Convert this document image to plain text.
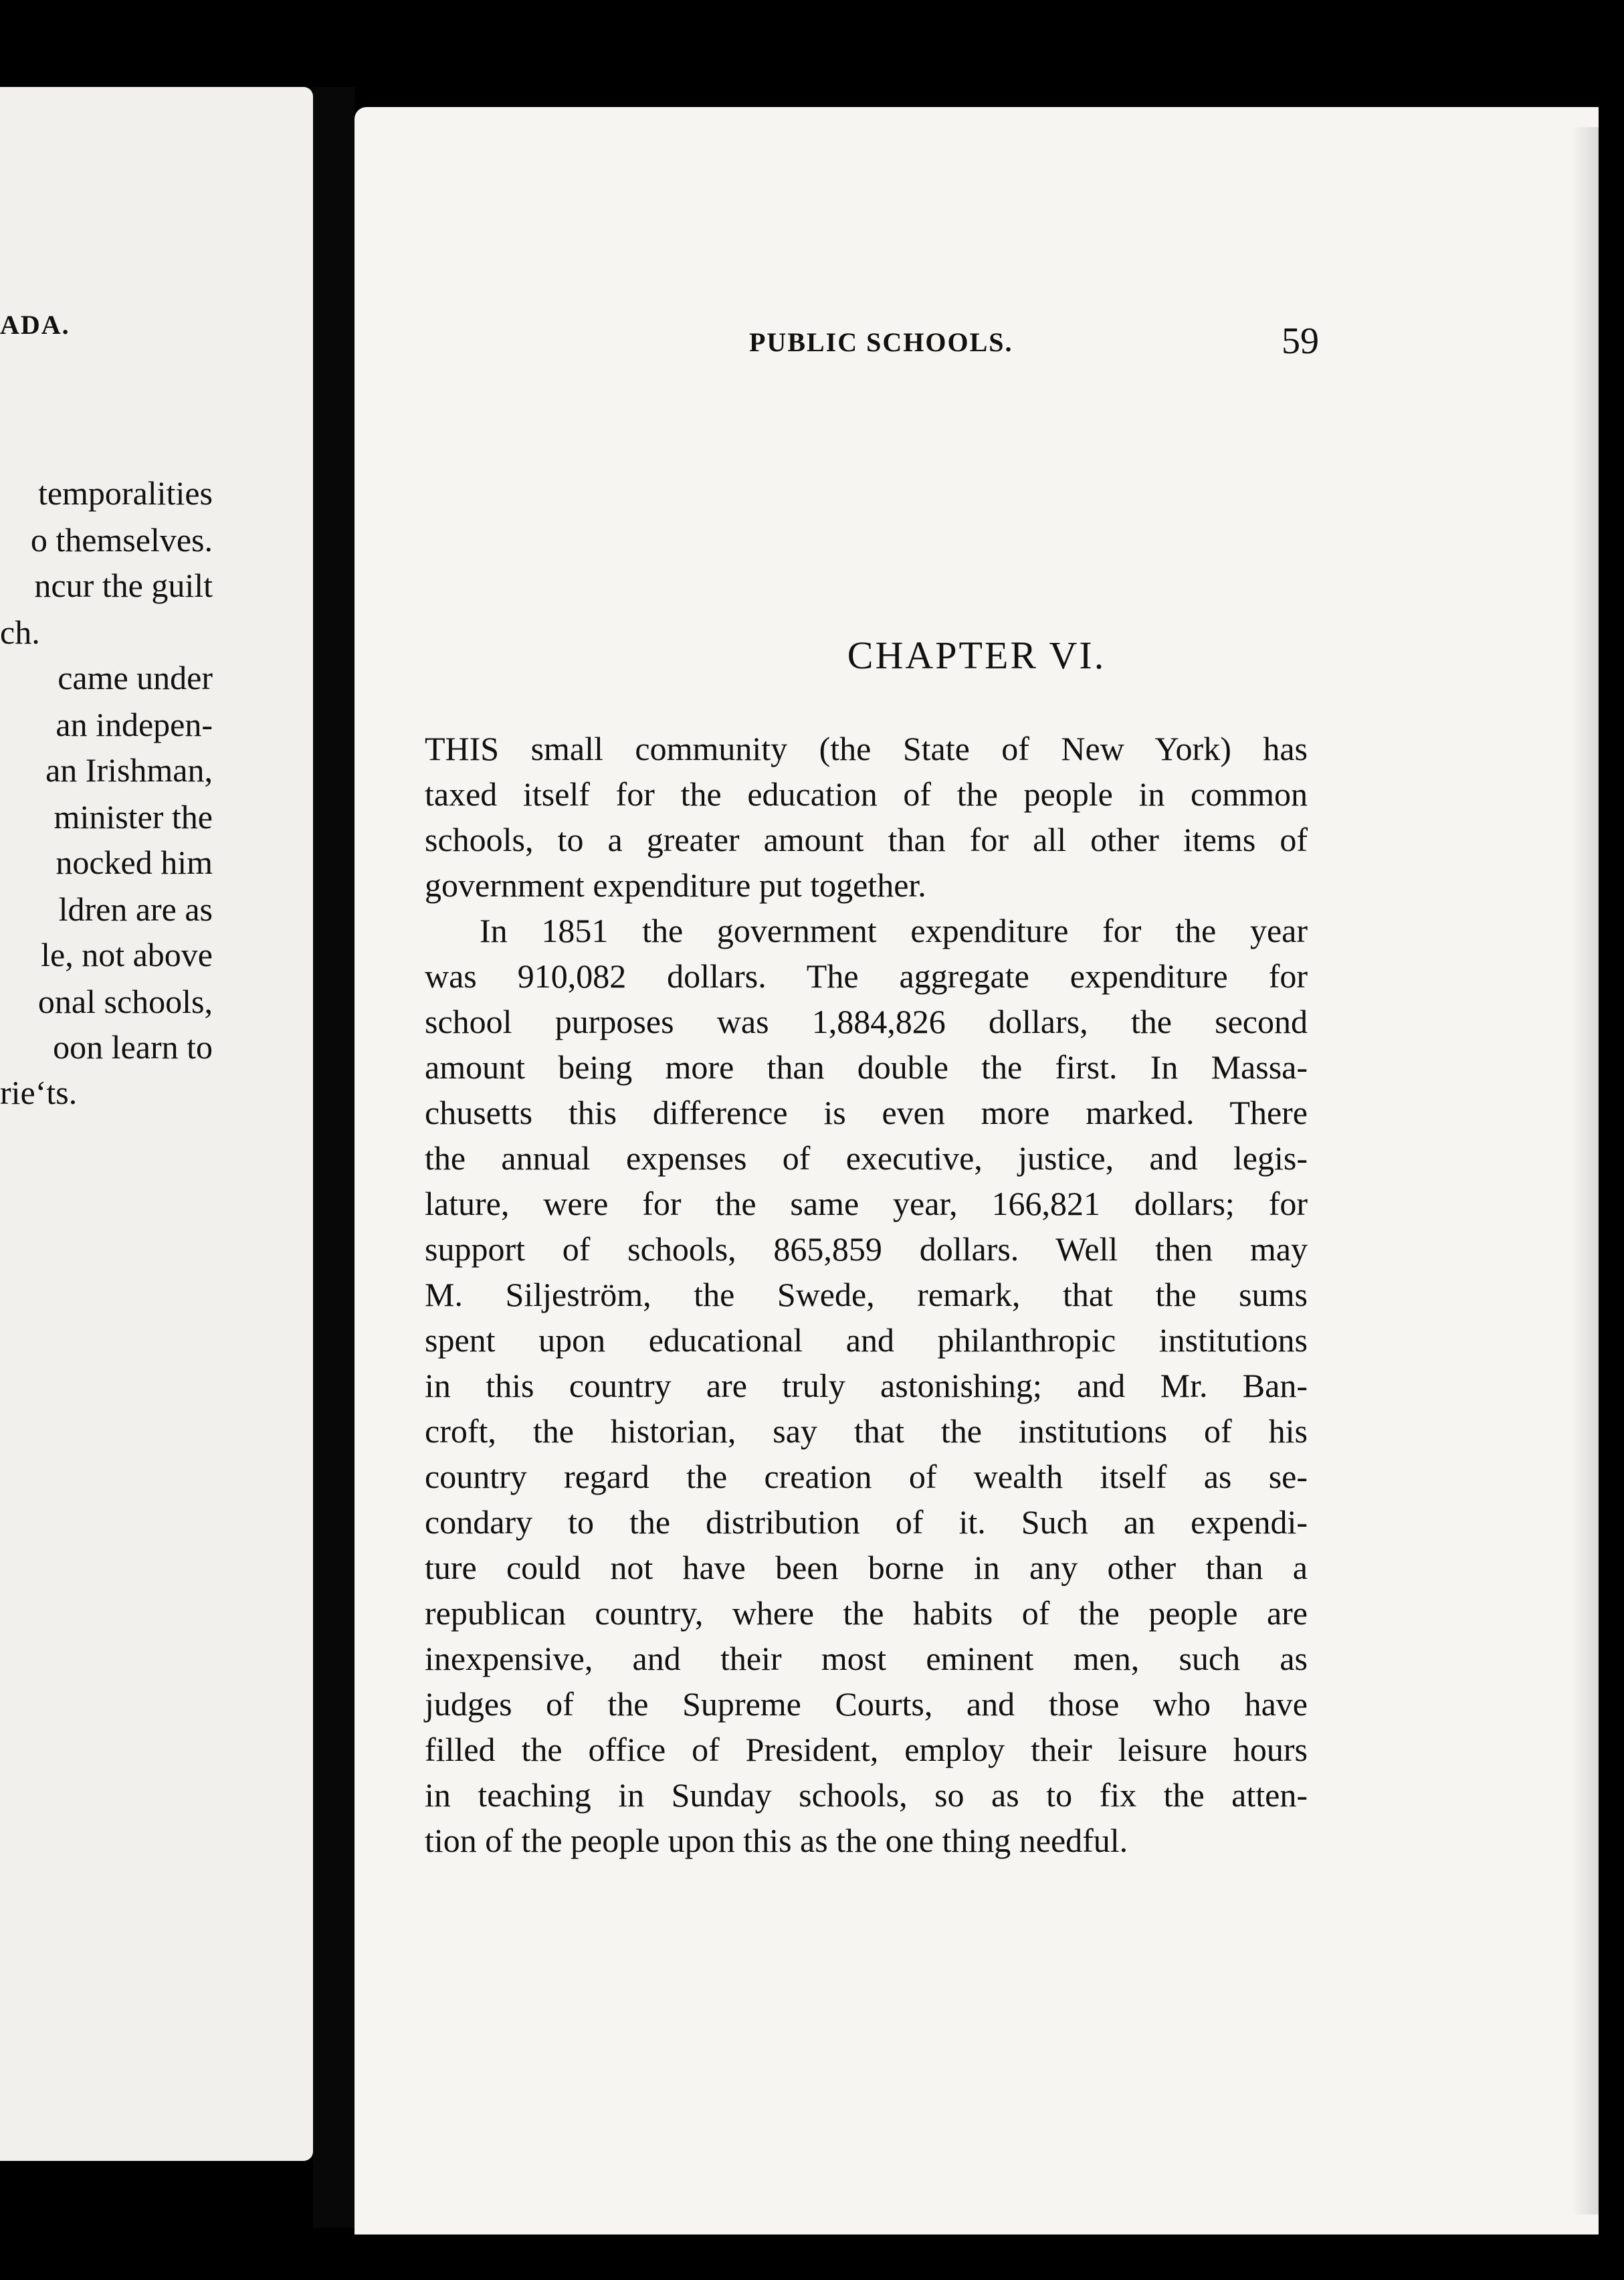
ADA.
temporalities
o themselves.
ncur the guilt
ch.
came under
an indepen-
an Irishman,
minister the
nocked him
ldren are as
le, not above
onal schools,
oon learn to
rie‘ts.
PUBLIC SCHOOLS.	59
CHAPTER VI.
THIS small community (the State of New York) has
taxed itself for the education of the people in common
schools, to a greater amount than for all other items of
government expenditure put together.
In 1851 the government expenditure for the year
was 910,082 dollars. The aggregate expenditure for
school purposes was 1,884,826 dollars, the second
amount being more than double the first. In Massa-
chusetts this difference is even more marked. There
the annual expenses of executive, justice, and legis-
lature, were for the same year, 166,821 dollars; for
support of schools, 865,859 dollars. Well then may
M. Siljeström, the Swede, remark, that the sums
spent upon educational and philanthropic institutions
in this country are truly astonishing; and Mr. Ban-
croft, the historian, say that the institutions of his
country regard the creation of wealth itself as se-
condary to the distribution of it. Such an expendi-
ture could not have been borne in any other than a
republican country, where the habits of the people are
inexpensive, and their most eminent men, such as
judges of the Supreme Courts, and those who have
filled the office of President, employ their leisure hours
in teaching in Sunday schools, so as to fix the atten-
tion of the people upon this as the one thing needful.
